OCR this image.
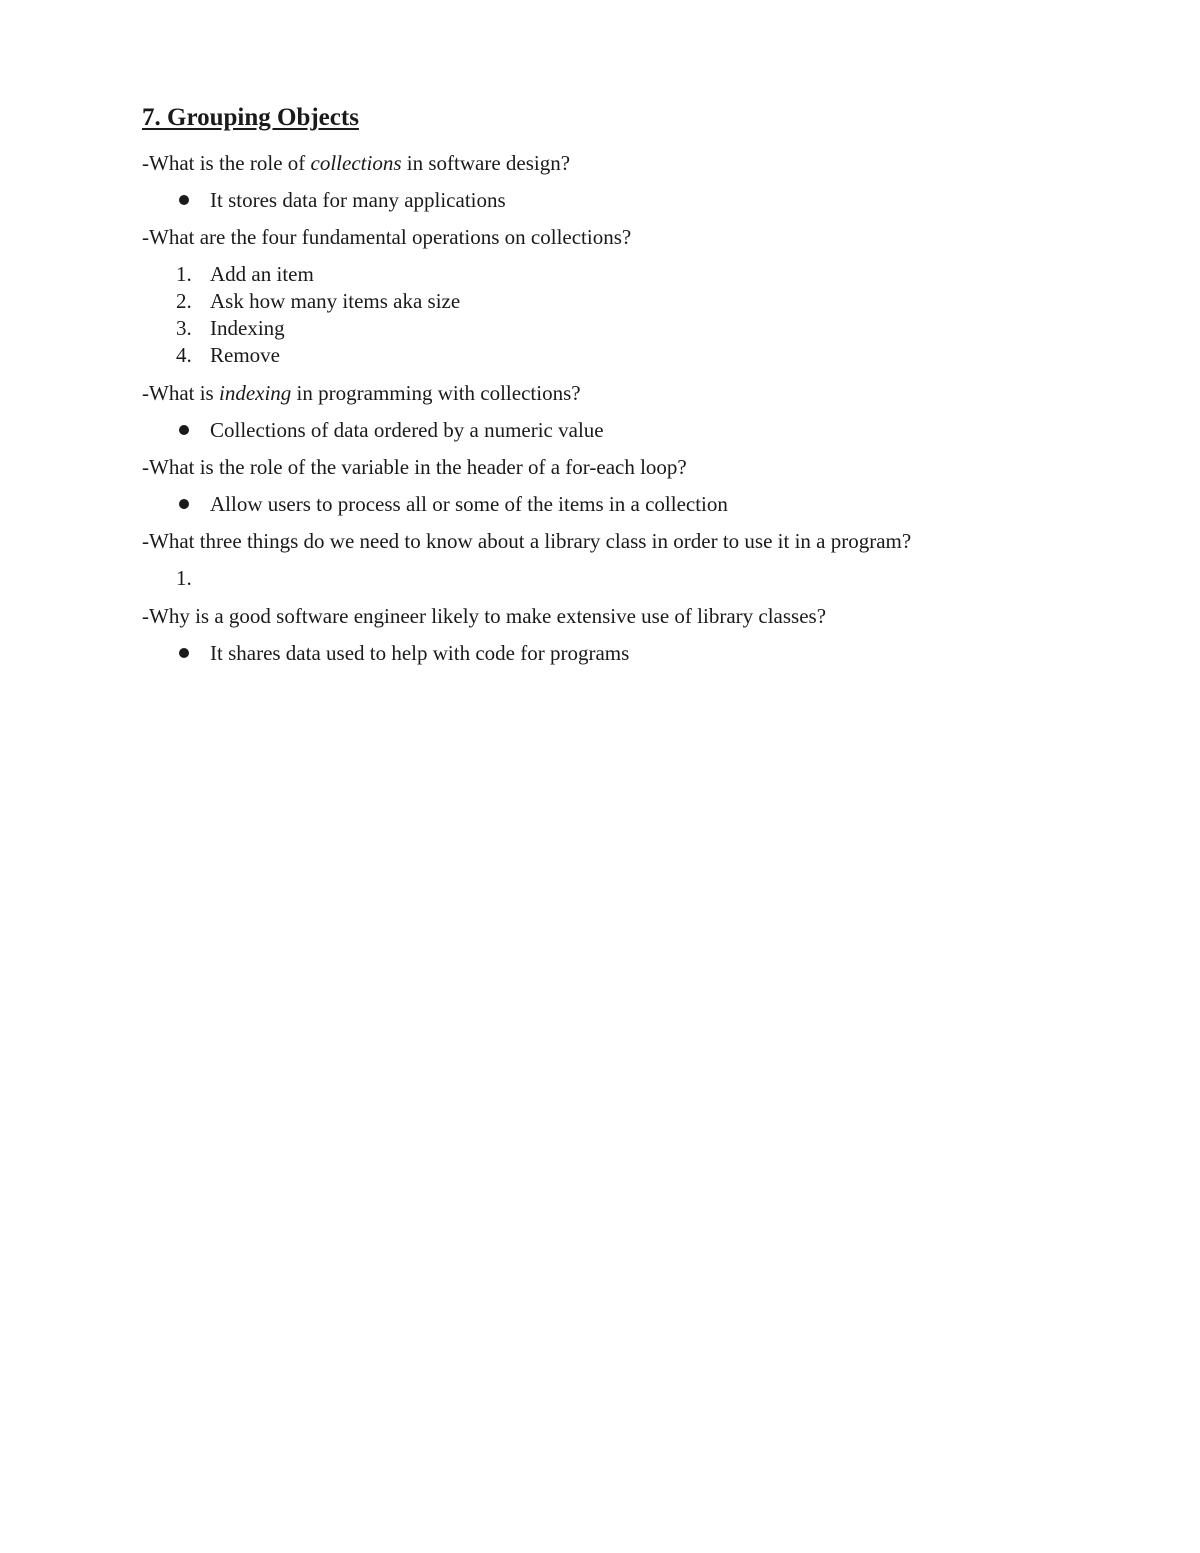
7. Grouping Objects

-What is the role of collections in software design?

It stores data for many applications

-What are the four fundamental operations on collections?

1. Add an item
2. Ask how many items aka size
3. Indexing
4. Remove

-What is indexing in programming with collections?

Collections of data ordered by a numeric value

-What is the role of the variable in the header of a for-each loop?

Allow users to process all or some of the items in a collection

-What three things do we need to know about a library class in order to use it in a program?

1.

-Why is a good software engineer likely to make extensive use of library classes?

It shares data used to help with code for programs
